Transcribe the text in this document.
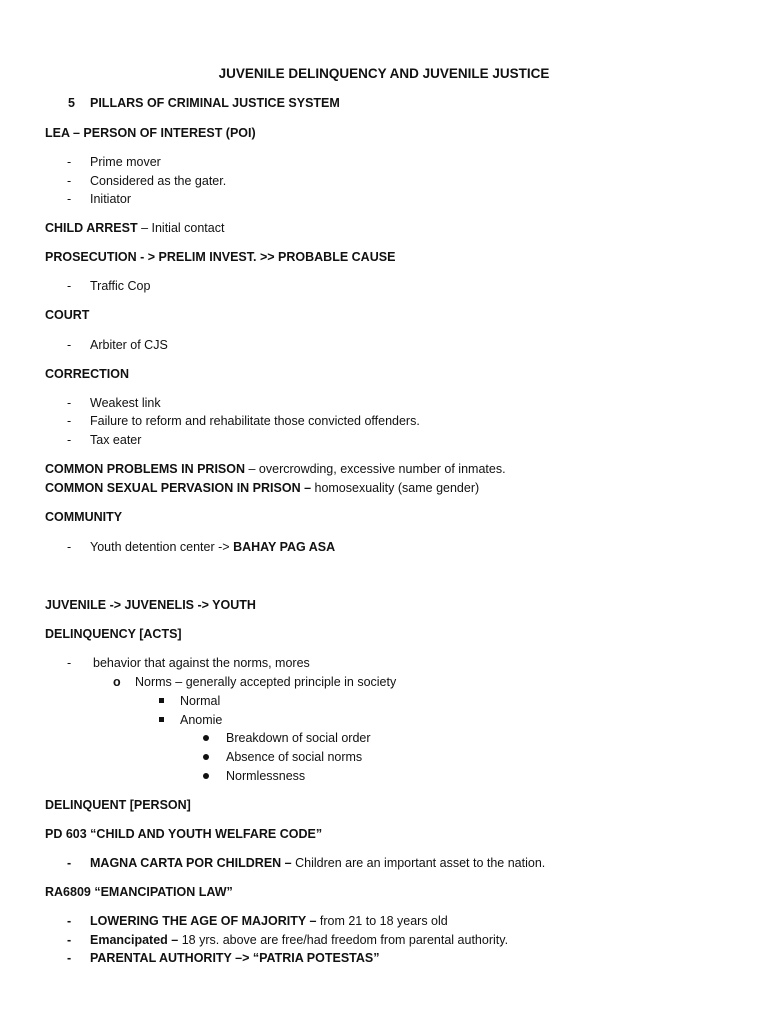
JUVENILE DELINQUENCY AND JUVENILE JUSTICE
5 PILLARS OF CRIMINAL JUSTICE SYSTEM
LEA – PERSON OF INTEREST (POI)
- Prime mover
- Considered as the gater.
- Initiator
CHILD ARREST – Initial contact
PROSECUTION - > PRELIM INVEST. >> PROBABLE CAUSE
- Traffic Cop
COURT
- Arbiter of CJS
CORRECTION
- Weakest link
- Failure to reform and rehabilitate those convicted offenders.
- Tax eater
COMMON PROBLEMS IN PRISON – overcrowding, excessive number of inmates.
COMMON SEXUAL PERVASION IN PRISON – homosexuality (same gender)
COMMUNITY
- Youth detention center -> BAHAY PAG ASA
JUVENILE -> JUVENELIS -> YOUTH
DELINQUENCY [ACTS]
- behavior that against the norms, mores
o Norms – generally accepted principle in society
Normal
Anomie
Breakdown of social order
Absence of social norms
Normlessness
DELINQUENT [PERSON]
PD 603 “CHILD AND YOUTH WELFARE CODE”
- MAGNA CARTA POR CHILDREN – Children are an important asset to the nation.
RA6809 “EMANCIPATION LAW”
- LOWERING THE AGE OF MAJORITY – from 21 to 18 years old
- Emancipated – 18 yrs. above are free/had freedom from parental authority.
- PARENTAL AUTHORITY –> “PATRIA POTESTAS”
